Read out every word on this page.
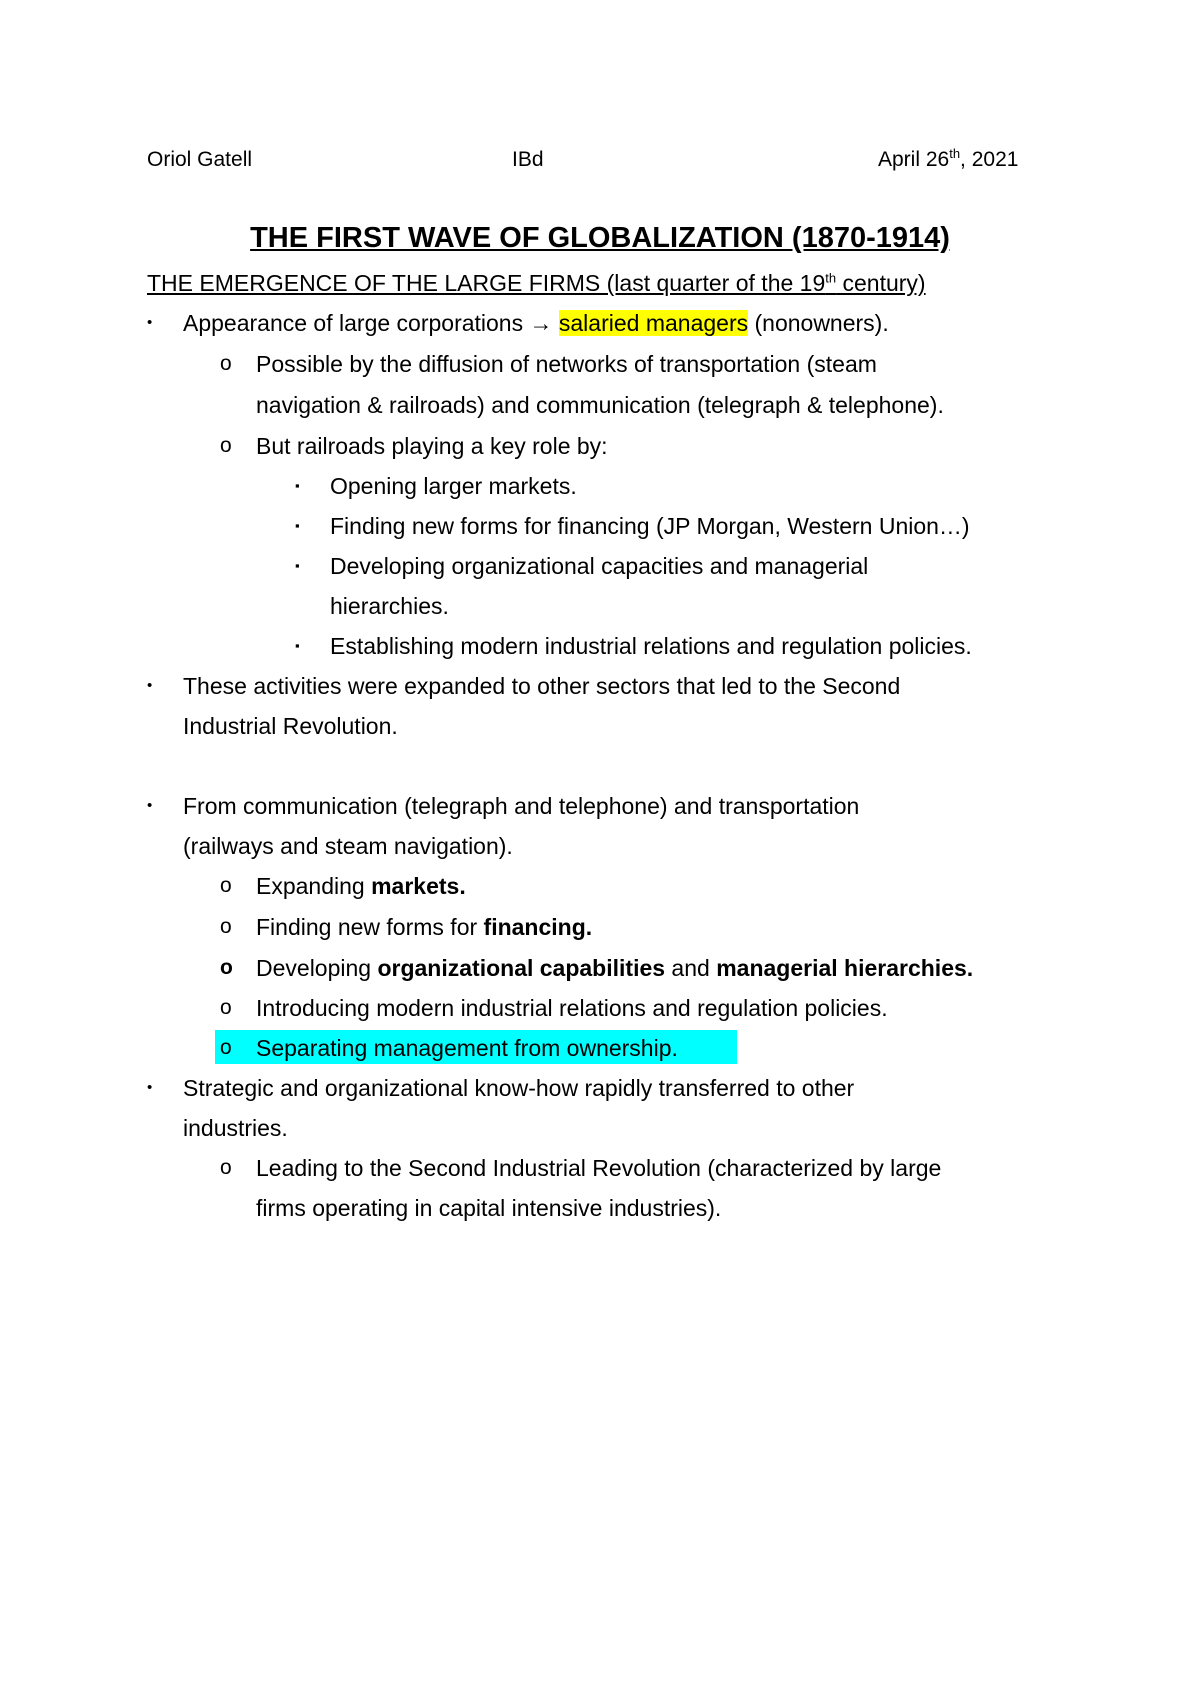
Oriol Gatell	IBd	April 26th, 2021
THE FIRST WAVE OF GLOBALIZATION (1870-1914)
THE EMERGENCE OF THE LARGE FIRMS (last quarter of the 19th century)
• Appearance of large corporations → salaried managers (nonowners).
o Possible by the diffusion of networks of transportation (steam
navigation & railroads) and communication (telegraph & telephone).
o But railroads playing a key role by:
▪ Opening larger markets.
▪ Finding new forms for financing (JP Morgan, Western Union…)
▪ Developing organizational capacities and managerial
hierarchies.
▪ Establishing modern industrial relations and regulation policies.
• These activities were expanded to other sectors that led to the Second
Industrial Revolution.
• From communication (telegraph and telephone) and transportation
(railways and steam navigation).
o Expanding markets.
o Finding new forms for financing.
o Developing organizational capabilities and managerial hierarchies.
o Introducing modern industrial relations and regulation policies.
o Separating management from ownership.
• Strategic and organizational know-how rapidly transferred to other
industries.
o Leading to the Second Industrial Revolution (characterized by large
firms operating in capital intensive industries).
